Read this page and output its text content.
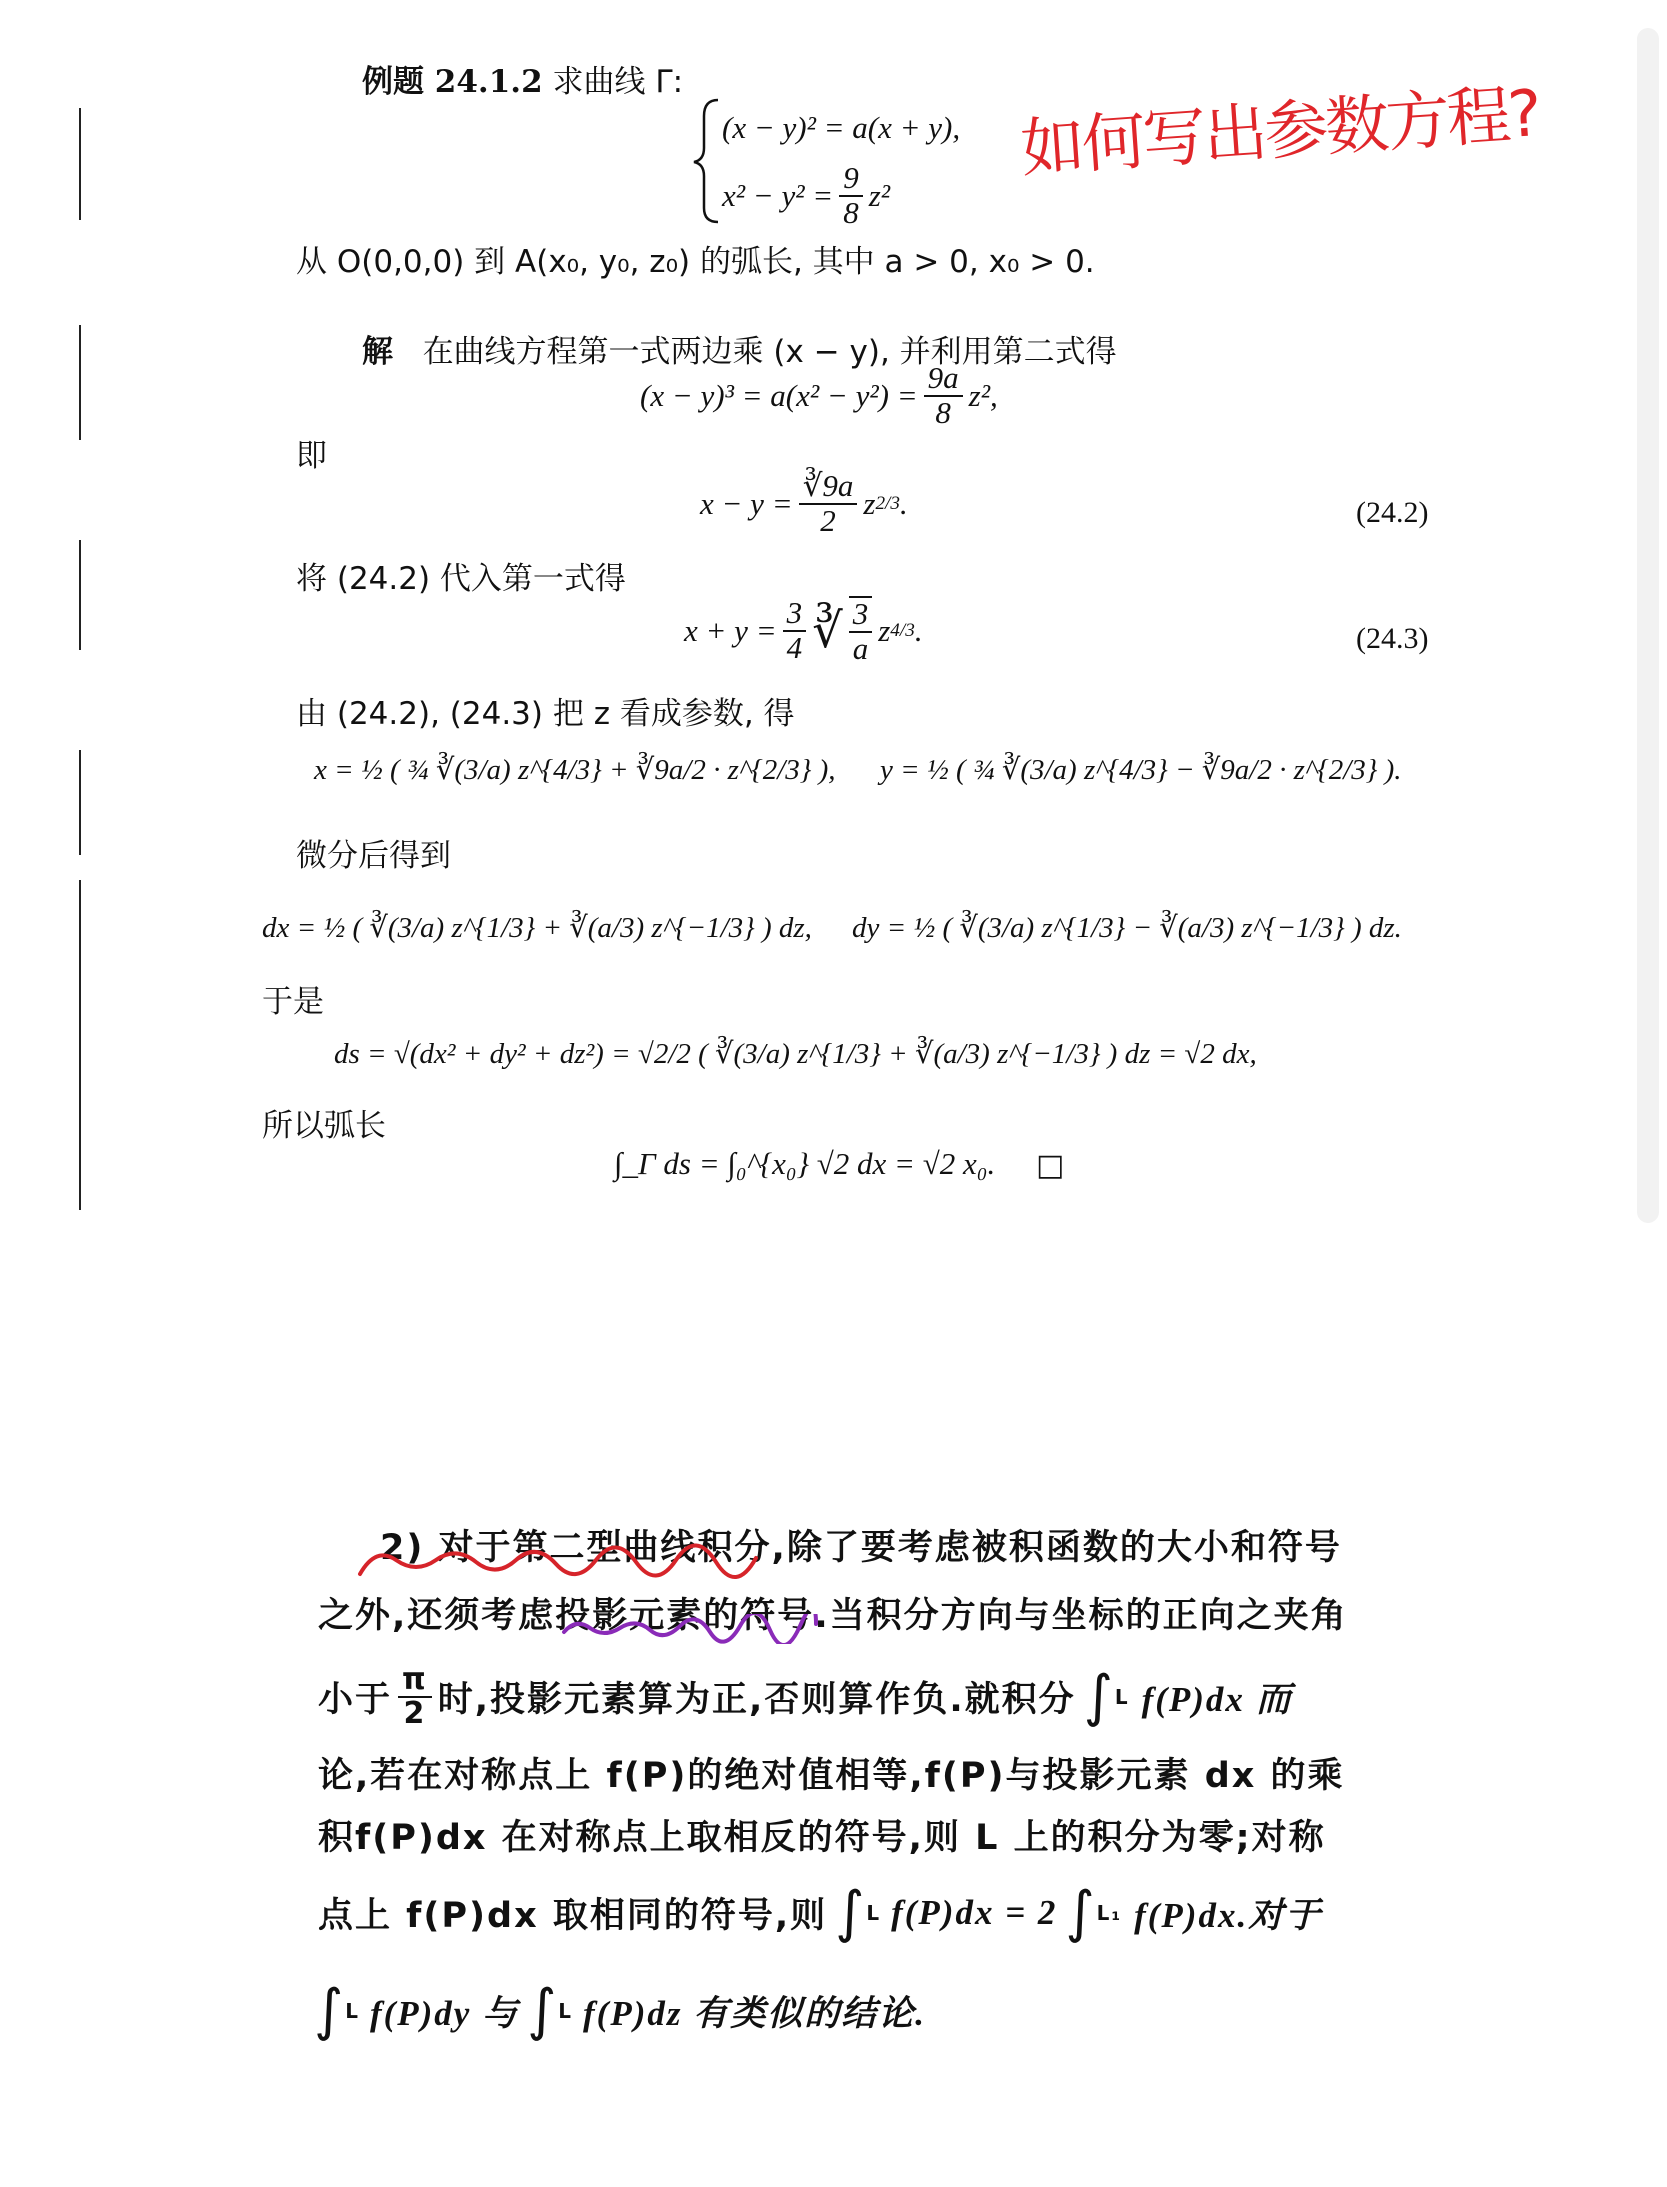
例题 24.1.2 求曲线 Γ:
(x − y)² = a(x + y),
$x^2 - y^2 = \frac{9}{8} z^2$
如何写出参数方程?
从 O(0,0,0) 到 A(x₀, y₀, z₀) 的弧长, 其中 a > 0, x₀ > 0.
解 在曲线方程第一式两边乘 (x − y), 并利用第二式得
$(x - y)^3 = a(x^2 - y^2) = \frac{9a}{8} z^2$,
即
$x - y = \frac{∛9a}{2}$ z 2/3 .	(24.2)
将 (24.2) 代入第一式得
$x + y = \frac{3}{4}$ ∛ $\frac{3}{a}$ z 4/3 .	(24.3)
由 (24.2), (24.3) 把 z 看成参数, 得
x = ½ ( ¾ ∛(3/a) z^{4/3} + ∛9a/2 · z^{2/3} ), y = ½ ( ¾ ∛(3/a) z^{4/3} − ∛9a/2 · z^{2/3} ).
微分后得到
dx = ½ ( ∛(3/a) z^{1/3} + ∛(a/3) z^{−1/3} ) dz, dy = ½ ( ∛(3/a) z^{1/3} − ∛(a/3) z^{−1/3} ) dz.
于是
ds = √(dx² + dy² + dz²) = √2/2 ( ∛(3/a) z^{1/3} + ∛(a/3) z^{−1/3} ) dz = √2 dx,
所以弧长
∫_Γ ds = ∫₀^{x₀} √2 dx = √2 x₀. □
2) 对于第二型曲线积分,除了要考虑被积函数的大小和符号
之外,还须考虑投影元素的符号.当积分方向与坐标的正向之夹角
小于 $\frac{\pi}{2}$ 时,投影元素算为正,否则算作负.就积分 ∫ L f(P)dx 而
论,若在对称点上 f(P)的绝对值相等,f(P)与投影元素 dx 的乘
积f(P)dx 在对称点上取相反的符号,则 L 上的积分为零;对称
点上 f(P)dx 取相同的符号,则 ∫ L f(P)dx = 2 ∫ L₁ f(P)dx.对于
∫ L f(P)dy 与 ∫ L f(P)dz 有类似的结论.
